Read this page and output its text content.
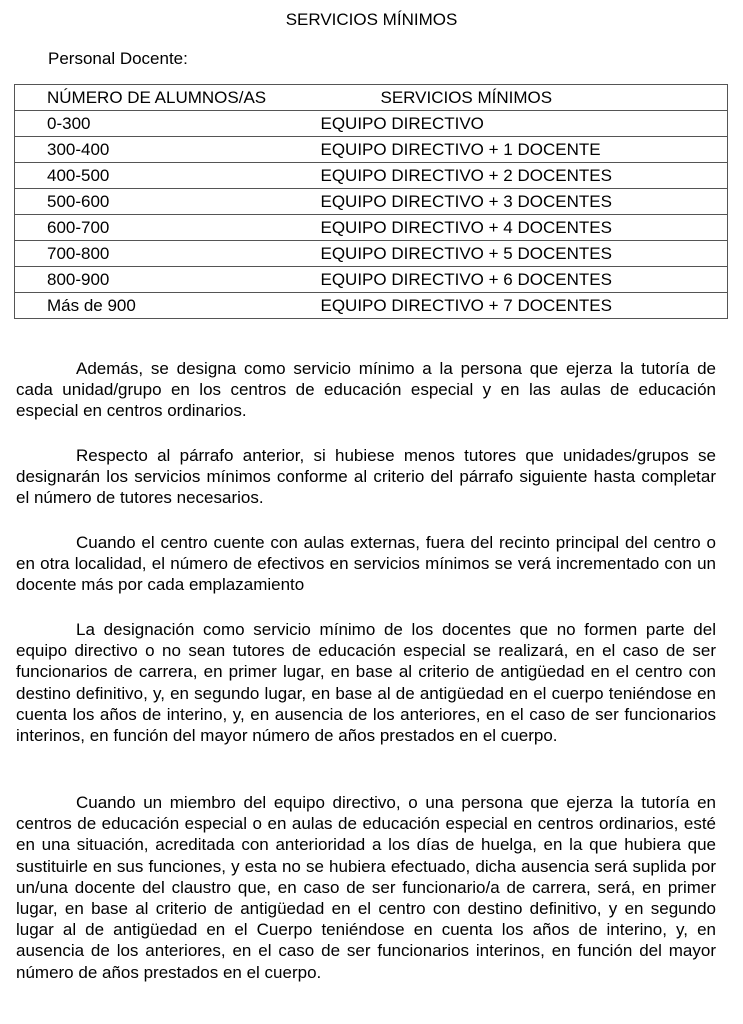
SERVICIOS MÍNIMOS
Personal Docente:
NÚMERO DE ALUMNOS/AS	SERVICIOS MÍNIMOS
0-300	EQUIPO DIRECTIVO
300-400	EQUIPO DIRECTIVO + 1 DOCENTE
400-500	EQUIPO DIRECTIVO + 2 DOCENTES
500-600	EQUIPO DIRECTIVO + 3 DOCENTES
600-700	EQUIPO DIRECTIVO + 4 DOCENTES
700-800	EQUIPO DIRECTIVO + 5 DOCENTES
800-900	EQUIPO DIRECTIVO + 6 DOCENTES
Más de 900	EQUIPO DIRECTIVO + 7 DOCENTES

Además, se designa como servicio mínimo a la persona que ejerza la tutoría de cada unidad/grupo en los centros de educación especial y en las aulas de educación especial en centros ordinarios.

Respecto al párrafo anterior, si hubiese menos tutores que unidades/grupos se designarán los servicios mínimos conforme al criterio del párrafo siguiente hasta completar el número de tutores necesarios.

Cuando el centro cuente con aulas externas, fuera del recinto principal del centro o en otra localidad, el número de efectivos en servicios mínimos se verá incrementado con un docente más por cada emplazamiento

La designación como servicio mínimo de los docentes que no formen parte del equipo directivo o no sean tutores de educación especial se realizará, en el caso de ser funcionarios de carrera, en primer lugar, en base al criterio de antigüedad en el centro con destino definitivo, y, en segundo lugar, en base al de antigüedad en el cuerpo teniéndose en cuenta los años de interino, y, en ausencia de los anteriores, en el caso de ser funcionarios interinos, en función del mayor número de años prestados en el cuerpo.

Cuando un miembro del equipo directivo, o una persona que ejerza la tutoría en centros de educación especial o en aulas de educación especial en centros ordinarios, esté en una situación, acreditada con anterioridad a los días de huelga, en la que hubiera que sustituirle en sus funciones, y esta no se hubiera efectuado, dicha ausencia será suplida por un/una docente del claustro que, en caso de ser funcionario/a de carrera, será, en primer lugar, en base al criterio de antigüedad en el centro con destino definitivo, y en segundo lugar al de antigüedad en el Cuerpo teniéndose en cuenta los años de interino, y, en ausencia de los anteriores, en el caso de ser funcionarios interinos, en función del mayor número de años prestados en el cuerpo.
